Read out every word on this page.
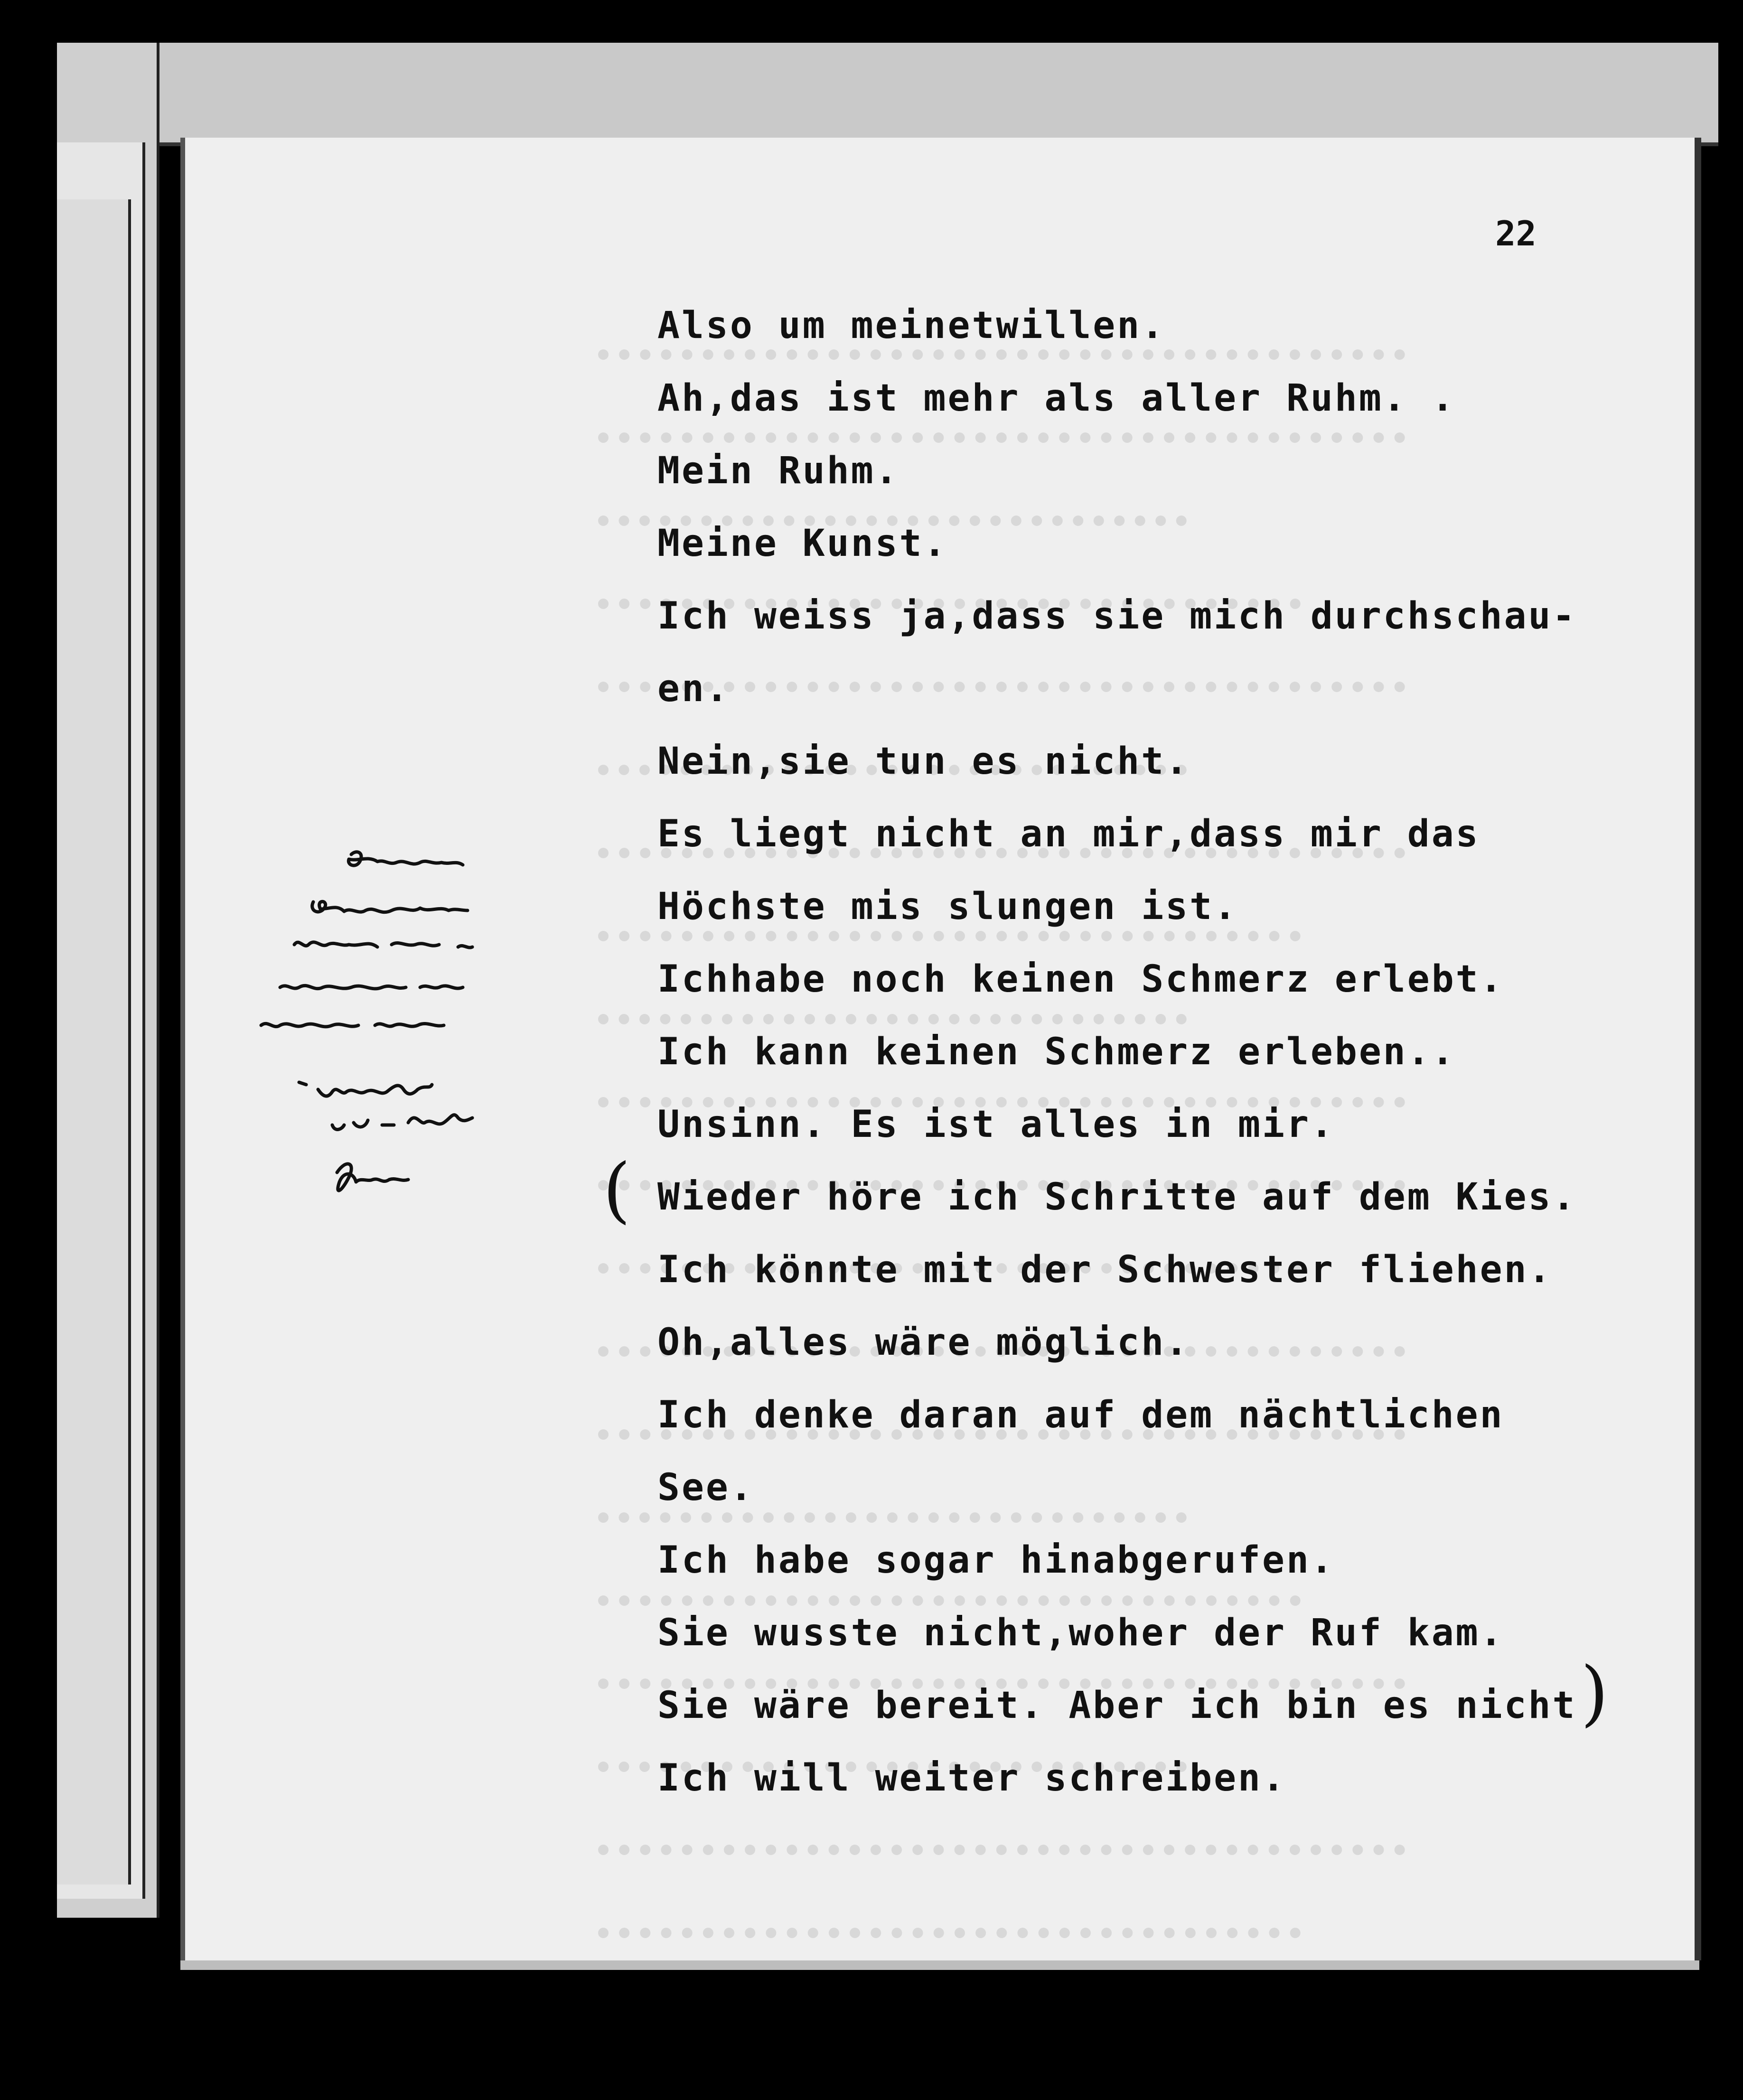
22
Also um meinetwillen.
Ah,das ist mehr als aller Ruhm. .
Mein Ruhm.
Meine Kunst.
Ich weiss ja,dass sie mich durchschau-
en.
Nein,sie tun es nicht.
Es liegt nicht an mir,dass mir das
Höchste mis slungen ist.
Ichhabe noch keinen Schmerz erlebt.
Ich kann keinen Schmerz erleben..
Unsinn. Es ist alles in mir.
Wieder höre ich Schritte auf dem Kies.
Ich könnte mit der Schwester fliehen.
Oh,alles wäre möglich.
Ich denke daran auf dem nächtlichen
See.
Ich habe sogar hinabgerufen.
Sie wusste nicht,woher der Ruf kam.
Sie wäre bereit. Aber ich bin es nicht
Ich will weiter schreiben.
(
)
